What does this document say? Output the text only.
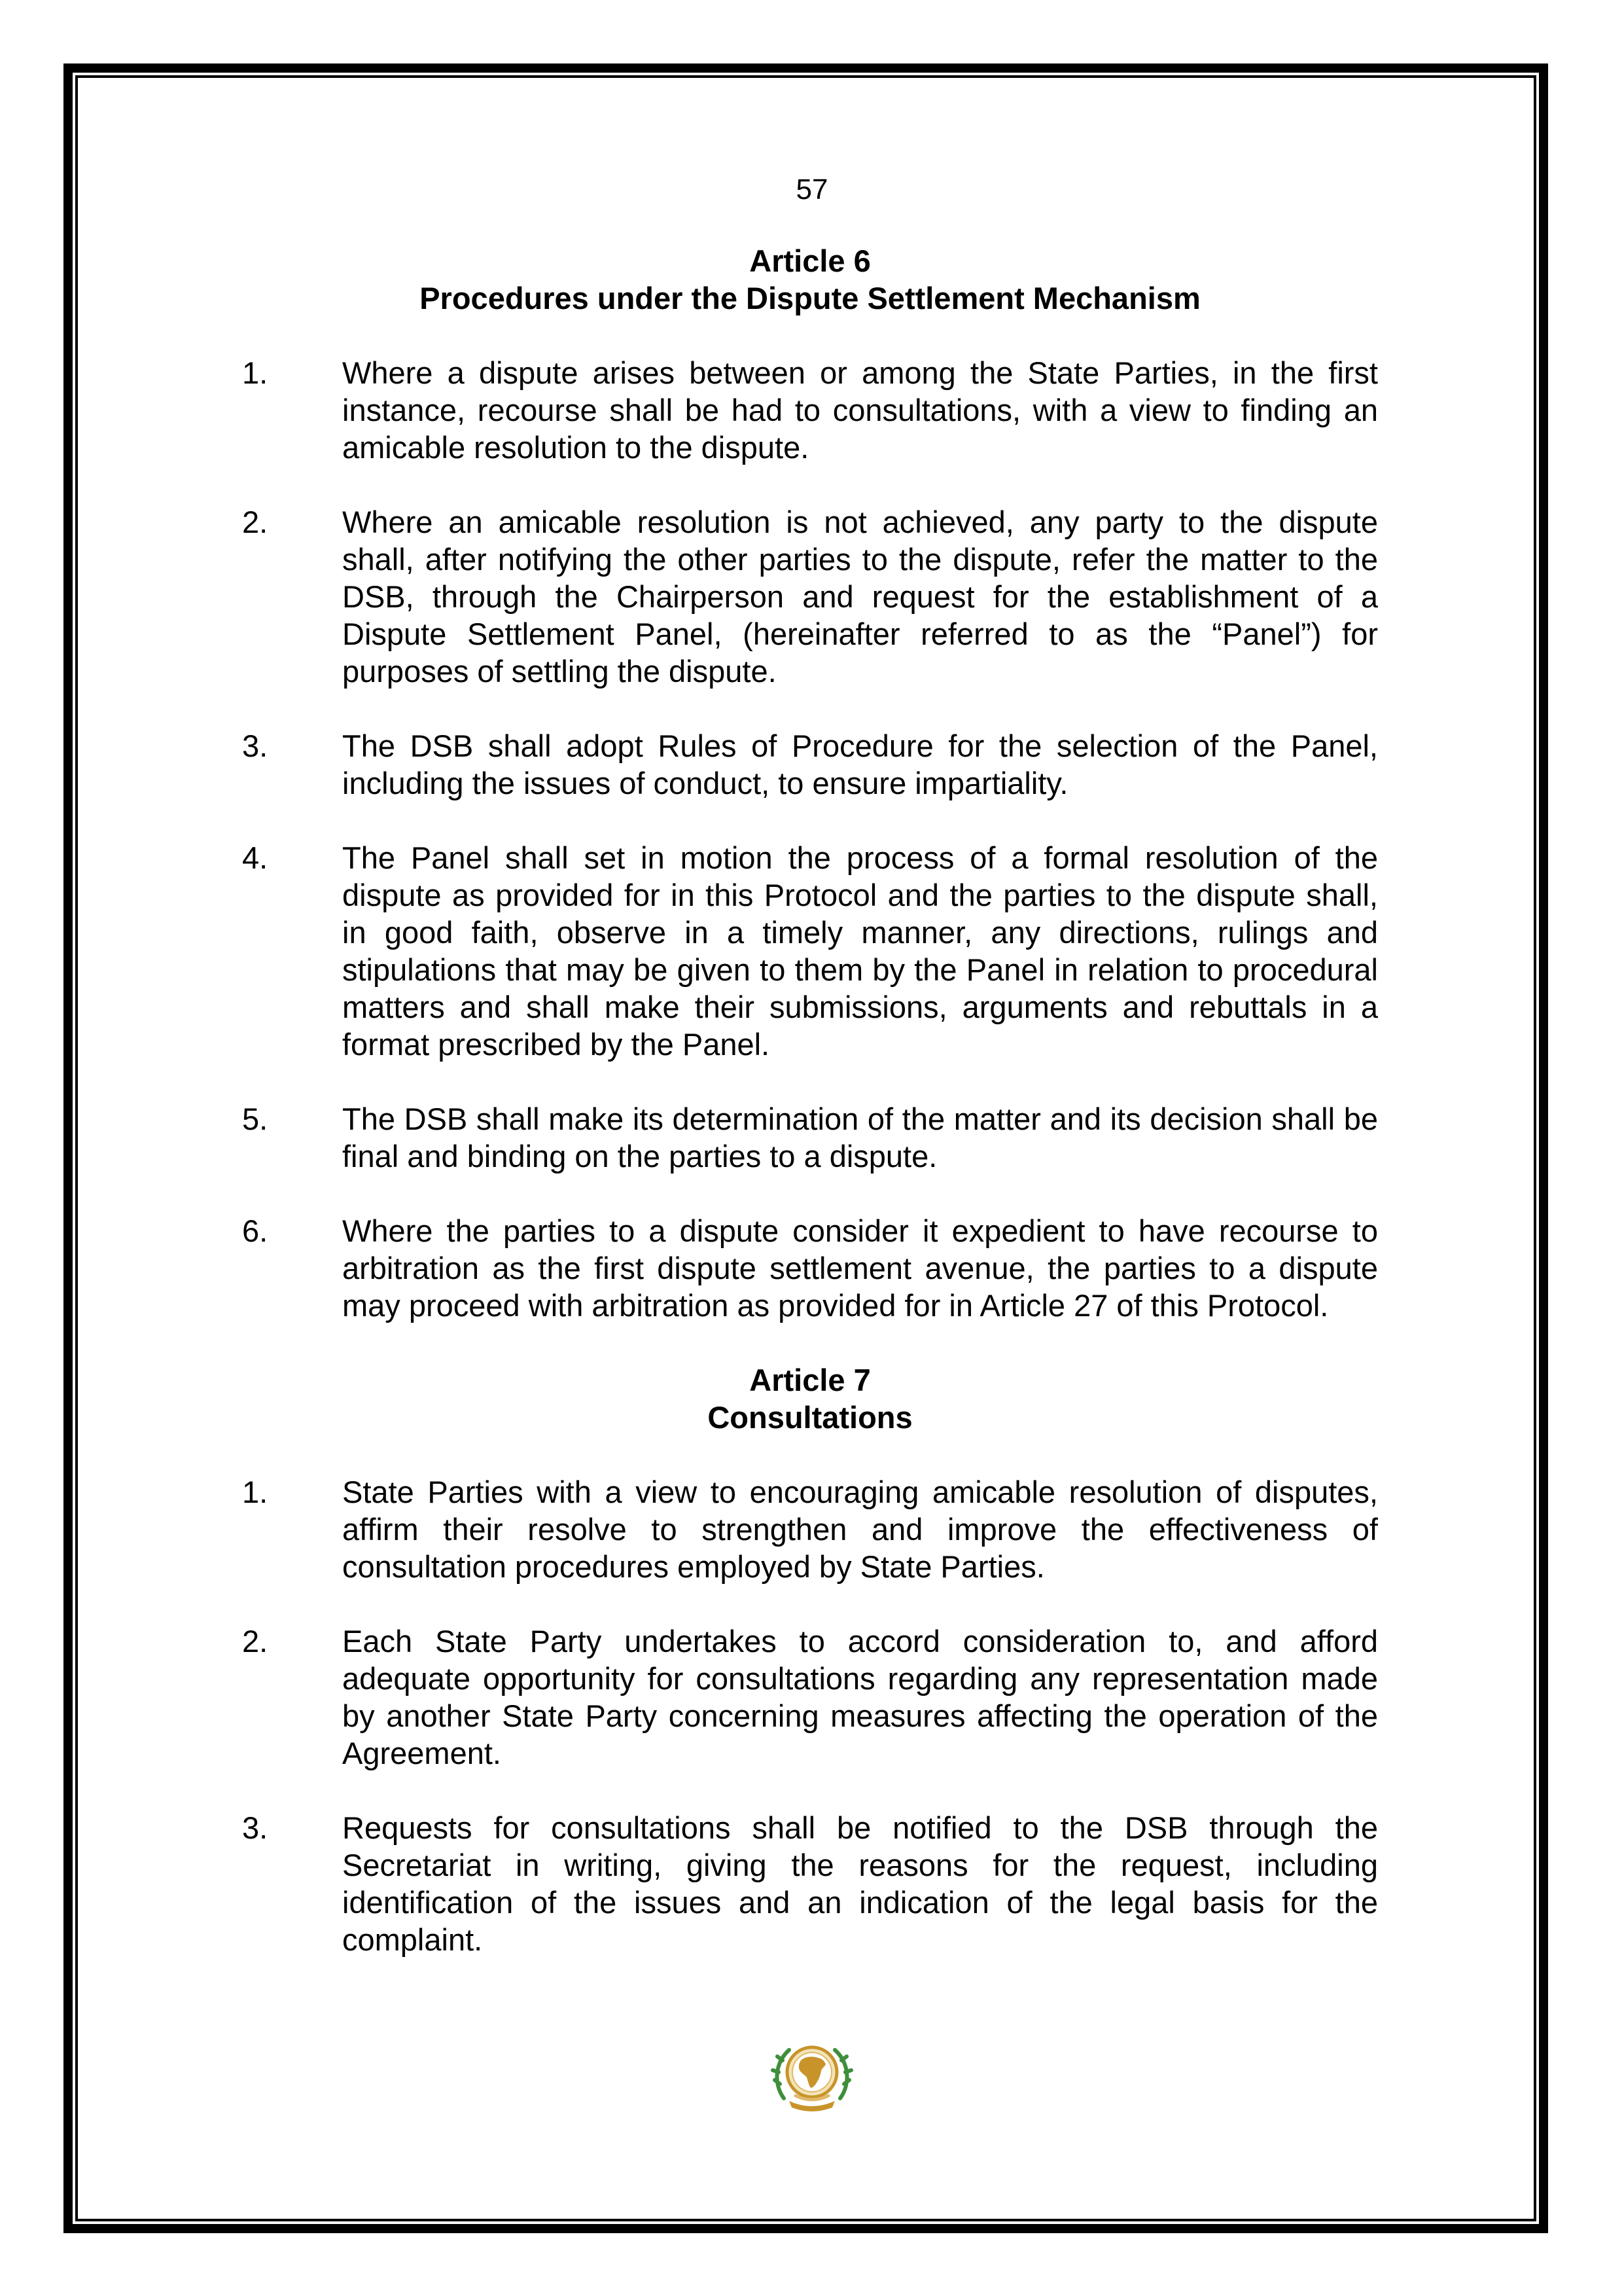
57
Article 6
Procedures under the Dispute Settlement Mechanism
1. Where a dispute arises between or among the State Parties, in the first instance, recourse shall be had to consultations, with a view to finding an amicable resolution to the dispute.
2. Where an amicable resolution is not achieved, any party to the dispute shall, after notifying the other parties to the dispute, refer the matter to the DSB, through the Chairperson and request for the establishment of a Dispute Settlement Panel, (hereinafter referred to as the “Panel”) for purposes of settling the dispute.
3. The DSB shall adopt Rules of Procedure for the selection of the Panel, including the issues of conduct, to ensure impartiality.
4. The Panel shall set in motion the process of a formal resolution of the dispute as provided for in this Protocol and the parties to the dispute shall, in good faith, observe in a timely manner, any directions, rulings and stipulations that may be given to them by the Panel in relation to procedural matters and shall make their submissions, arguments and rebuttals in a format prescribed by the Panel.
5. The DSB shall make its determination of the matter and its decision shall be final and binding on the parties to a dispute.
6. Where the parties to a dispute consider it expedient to have recourse to arbitration as the first dispute settlement avenue, the parties to a dispute may proceed with arbitration as provided for in Article 27 of this Protocol.
Article 7
Consultations
1. State Parties with a view to encouraging amicable resolution of disputes, affirm their resolve to strengthen and improve the effectiveness of consultation procedures employed by State Parties.
2. Each State Party undertakes to accord consideration to, and afford adequate opportunity for consultations regarding any representation made by another State Party concerning measures affecting the operation of the Agreement.
3. Requests for consultations shall be notified to the DSB through the Secretariat in writing, giving the reasons for the request, including identification of the issues and an indication of the legal basis for the complaint.
